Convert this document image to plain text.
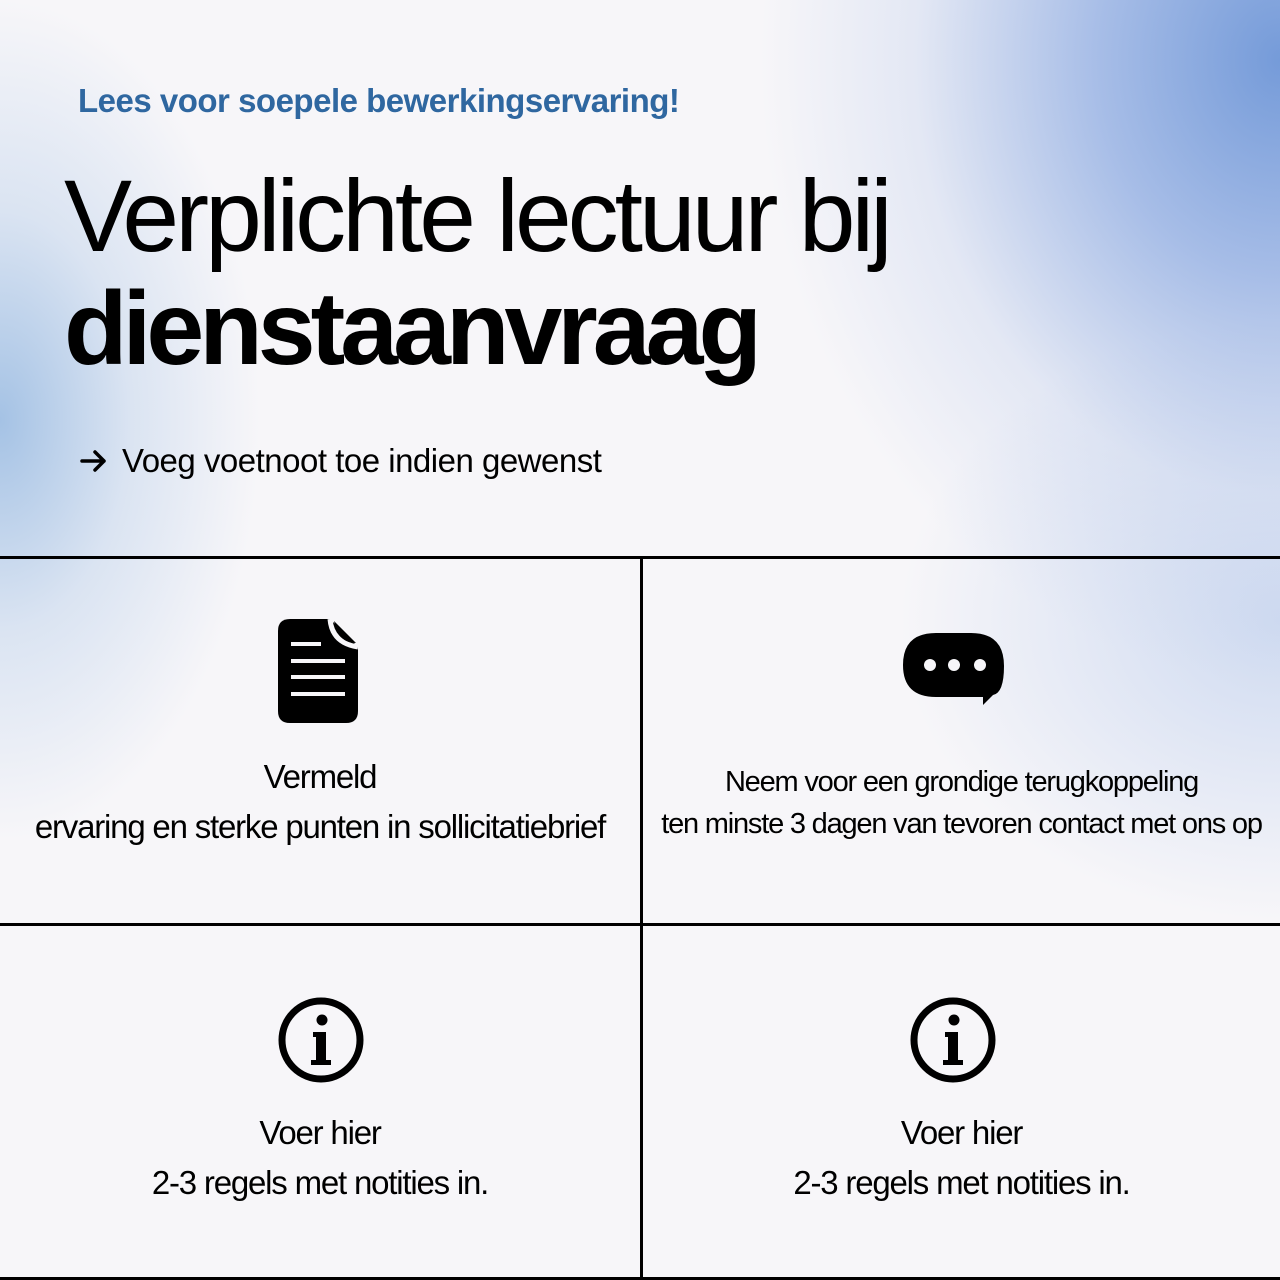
Lees voor soepele bewerkingservaring!
Verplichte lectuur bij
dienstaanvraag
Voeg voetnoot toe indien gewenst
Vermeld
ervaring en sterke punten in sollicitatiebrief
Neem voor een grondige terugkoppeling
ten minste 3 dagen van tevoren contact met ons op
Voer hier
2-3 regels met notities in.
Voer hier
2-3 regels met notities in.
